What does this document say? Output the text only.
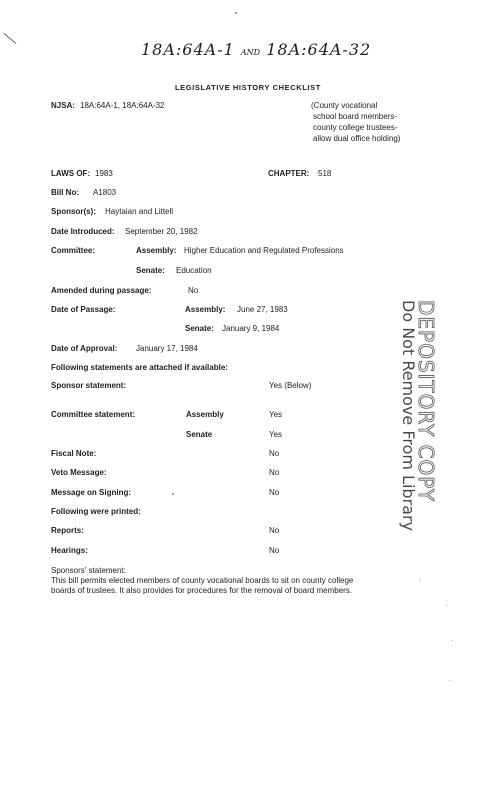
18A:64A-1 AND 18A:64A-32
LEGISLATIVE HISTORY CHECKLIST
NJSA: 18A:64A-1, 18A:64A-32	(County vocational
school board members-
county college trustees-
allow dual office holding)
LAWS OF: 1983	CHAPTER: 518
Bill No: A1803
Sponsor(s): Haytaian and Littell
Date Introduced: September 20, 1982
Committee:	Assembly: Higher Education and Regulated Professions
Senate: Education
Amended during passage:	No
Date of Passage:	Assembly: June 27, 1983
Senate: January 9, 1984
Date of Approval: January 17, 1984
Following statements are attached if available:
Sponsor statement:	Yes (Below)
Committee statement:	Assembly	Yes
Senate	Yes
Fiscal Note:	No
Veto Message:	No
Message on Signing:	No
Following were printed:
Reports:	No
Hearings:	No
Sponsors' statement:
This bill permits elected members of county vocational boards to sit on county college
boards of trustees. It also provides for procedures for the removal of board members.
DEPOSITORY COPY
Do Not Remove From Library
